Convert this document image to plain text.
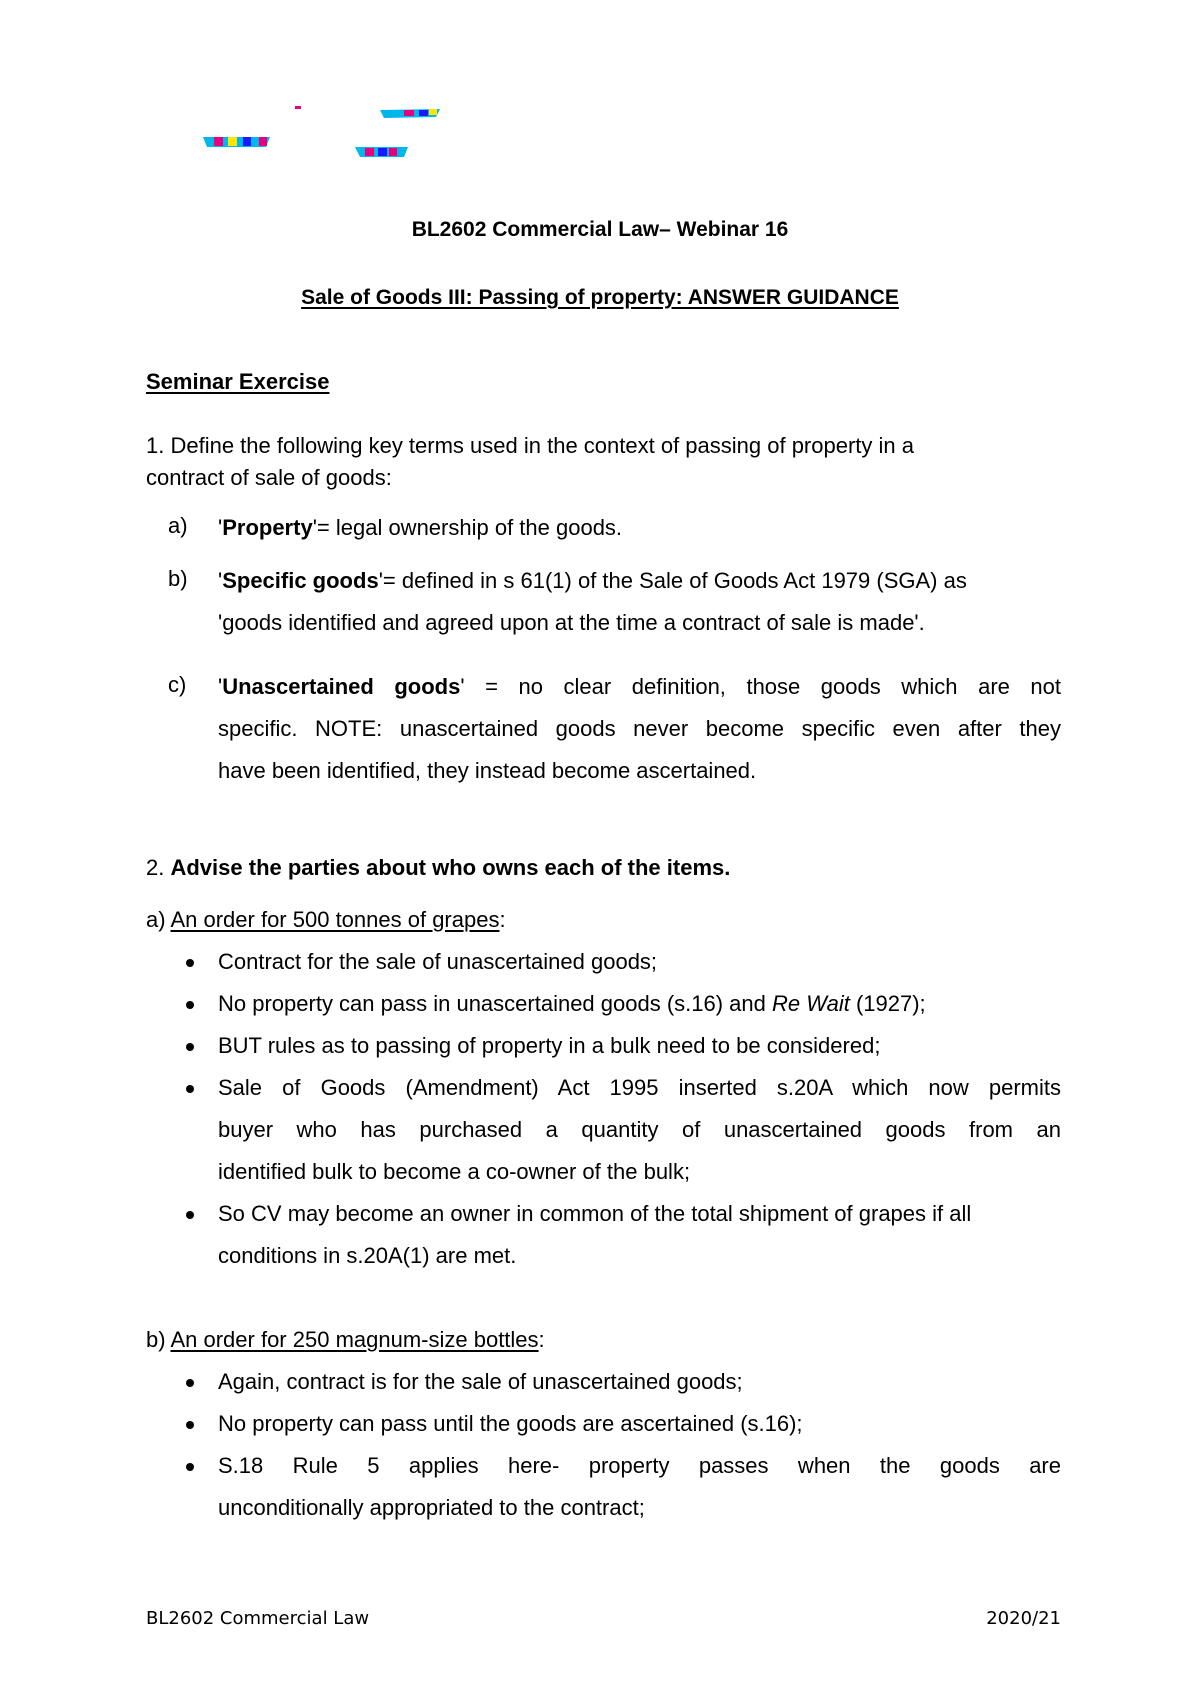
BL2602 Commercial Law– Webinar 16
Sale of Goods III: Passing of property: ANSWER GUIDANCE
Seminar Exercise
1. Define the following key terms used in the context of passing of property in a
contract of sale of goods:
a) 'Property'= legal ownership of the goods.
b) 'Specific goods'= defined in s 61(1) of the Sale of Goods Act 1979 (SGA) as
'goods identified and agreed upon at the time a contract of sale is made'.
c) 'Unascertained goods' = no clear definition, those goods which are not
specific. NOTE: unascertained goods never become specific even after they
have been identified, they instead become ascertained.
2. Advise the parties about who owns each of the items.
a) An order for 500 tonnes of grapes:
Contract for the sale of unascertained goods;
No property can pass in unascertained goods (s.16) and Re Wait (1927);
BUT rules as to passing of property in a bulk need to be considered;
Sale of Goods (Amendment) Act 1995 inserted s.20A which now permits
buyer who has purchased a quantity of unascertained goods from an
identified bulk to become a co-owner of the bulk;
So CV may become an owner in common of the total shipment of grapes if all
conditions in s.20A(1) are met.
b) An order for 250 magnum-size bottles:
Again, contract is for the sale of unascertained goods;
No property can pass until the goods are ascertained (s.16);
S.18 Rule 5 applies here- property passes when the goods are
unconditionally appropriated to the contract;
BL2602 Commercial Law	2020/21
